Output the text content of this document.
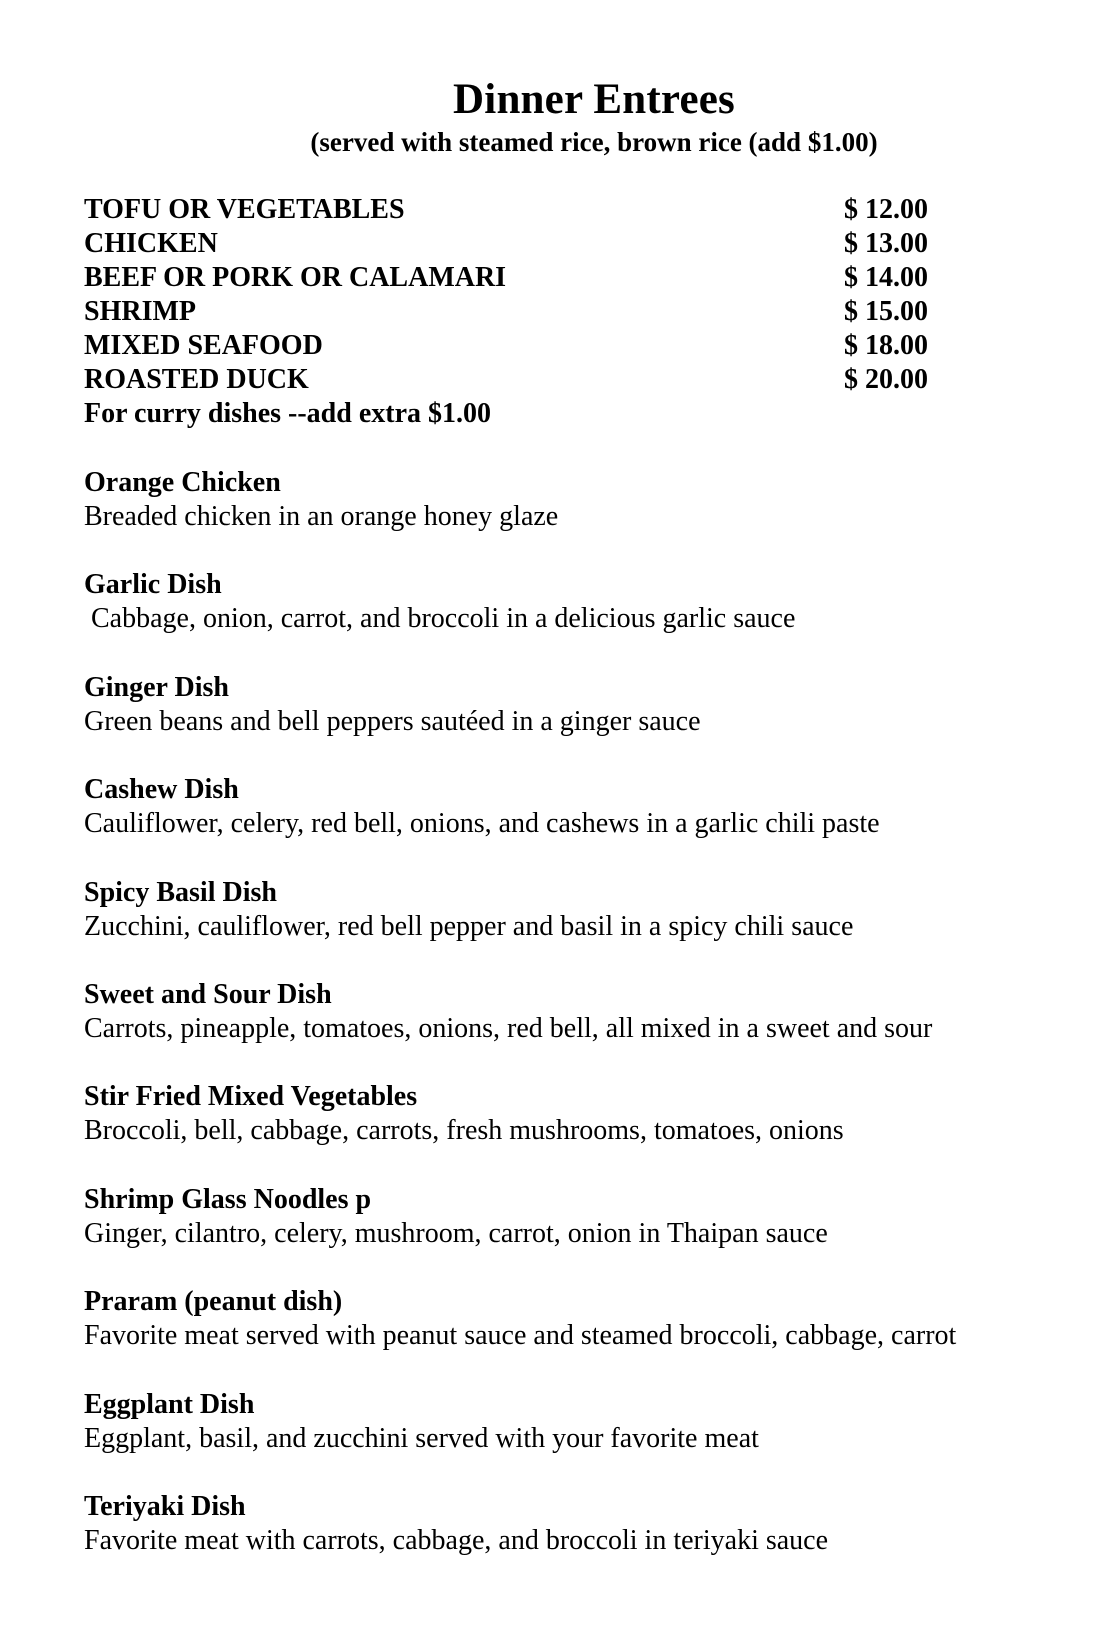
Dinner Entrees
(served with steamed rice, brown rice (add $1.00)
TOFU OR VEGETABLES	$ 12.00
CHICKEN	$ 13.00
BEEF OR PORK OR CALAMARI	$ 14.00
SHRIMP	$ 15.00
MIXED SEAFOOD	$ 18.00
ROASTED DUCK	$ 20.00
For curry dishes --add extra $1.00
Orange Chicken
Breaded chicken in an orange honey glaze
Garlic Dish
Cabbage, onion, carrot, and broccoli in a delicious garlic sauce
Ginger Dish
Green beans and bell peppers sautéed in a ginger sauce
Cashew Dish
Cauliflower, celery, red bell, onions, and cashews in a garlic chili paste
Spicy Basil Dish
Zucchini, cauliflower, red bell pepper and basil in a spicy chili sauce
Sweet and Sour Dish
Carrots, pineapple, tomatoes, onions, red bell, all mixed in a sweet and sour
Stir Fried Mixed Vegetables
Broccoli, bell, cabbage, carrots, fresh mushrooms, tomatoes, onions
Shrimp Glass Noodles p
Ginger, cilantro, celery, mushroom, carrot, onion in Thaipan sauce
Praram (peanut dish)
Favorite meat served with peanut sauce and steamed broccoli, cabbage, carrot
Eggplant Dish
Eggplant, basil, and zucchini served with your favorite meat
Teriyaki Dish
Favorite meat with carrots, cabbage, and broccoli in teriyaki sauce
